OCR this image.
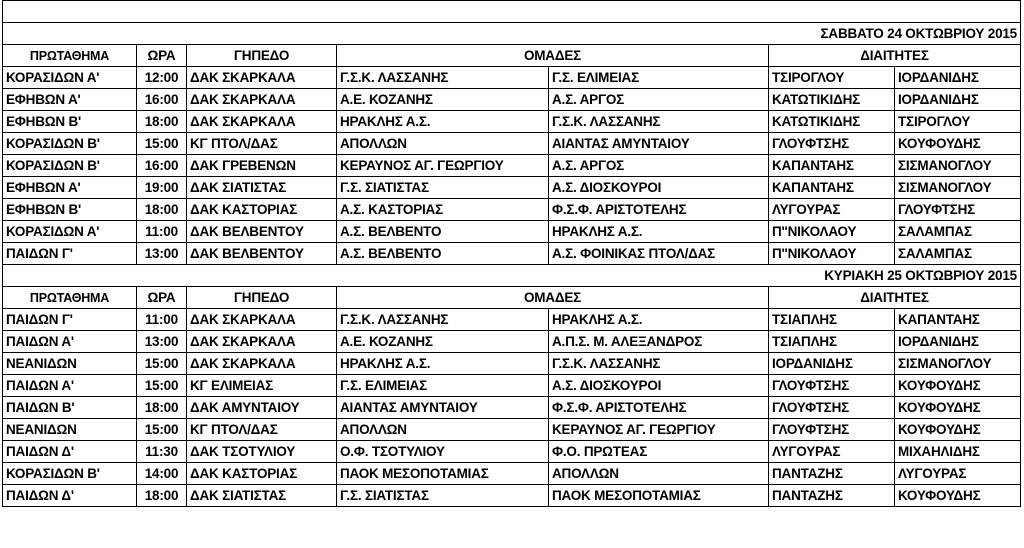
ΣΑΒΒΑΤΟ 24 ΟΚΤΩΒΡΙΟΥ 2015						
ΠΡΩΤΑΘΗΜΑ	ΩΡΑ	ΓΗΠΕΔΟ	ΟΜΑΔΕΣ		ΔΙΑΙΤΗΤΕΣ	
ΚΟΡΑΣΙΔΩΝ Α'	12:00	ΔΑΚ ΣΚΑΡΚΑΛΑ	Γ.Σ.Κ. ΛΑΣΣΑΝΗΣ	Γ.Σ. ΕΛΙΜΕΙΑΣ	ΤΣΙΡΟΓΛΟΥ	ΙΟΡΔΑΝΙΔΗΣ
ΕΦΗΒΩΝ Α'	16:00	ΔΑΚ ΣΚΑΡΚΑΛΑ	Α.Ε. ΚΟΖΑΝΗΣ	Α.Σ. ΑΡΓΟΣ	ΚΑΤΩΤΙΚΙΔΗΣ	ΙΟΡΔΑΝΙΔΗΣ
ΕΦΗΒΩΝ Β'	18:00	ΔΑΚ ΣΚΑΡΚΑΛΑ	ΗΡΑΚΛΗΣ Α.Σ.	Γ.Σ.Κ. ΛΑΣΣΑΝΗΣ	ΚΑΤΩΤΙΚΙΔΗΣ	ΤΣΙΡΟΓΛΟΥ
ΚΟΡΑΣΙΔΩΝ Β'	15:00	ΚΓ ΠΤΟΛ/ΔΑΣ	ΑΠΟΛΛΩΝ	ΑΙΑΝΤΑΣ ΑΜΥΝΤΑΙΟΥ	ΓΛΟΥΦΤΣΗΣ	ΚΟΥΦΟΥΔΗΣ
ΚΟΡΑΣΙΔΩΝ Β'	16:00	ΔΑΚ ΓΡΕΒΕΝΩΝ	ΚΕΡΑΥΝΟΣ ΑΓ. ΓΕΩΡΓΙΟΥ	Α.Σ. ΑΡΓΟΣ	ΚΑΠΑΝΤΑΗΣ	ΣΙΣΜΑΝΟΓΛΟΥ
ΕΦΗΒΩΝ Α'	19:00	ΔΑΚ ΣΙΑΤΙΣΤΑΣ	Γ.Σ. ΣΙΑΤΙΣΤΑΣ	Α.Σ. ΔΙΟΣΚΟΥΡΟΙ	ΚΑΠΑΝΤΑΗΣ	ΣΙΣΜΑΝΟΓΛΟΥ
ΕΦΗΒΩΝ Β'	18:00	ΔΑΚ ΚΑΣΤΟΡΙΑΣ	Α.Σ. ΚΑΣΤΟΡΙΑΣ	Φ.Σ.Φ. ΑΡΙΣΤΟΤΕΛΗΣ	ΛΥΓΟΥΡΑΣ	ΓΛΟΥΦΤΣΗΣ
ΚΟΡΑΣΙΔΩΝ Α'	11:00	ΔΑΚ ΒΕΛΒΕΝΤΟΥ	Α.Σ. ΒΕΛΒΕΝΤΟ	ΗΡΑΚΛΗΣ Α.Σ.	Π''ΝΙΚΟΛΑΟΥ	ΣΑΛΑΜΠΑΣ
ΠΑΙΔΩΝ Γ'	13:00	ΔΑΚ ΒΕΛΒΕΝΤΟΥ	Α.Σ. ΒΕΛΒΕΝΤΟ	Α.Σ. ΦΟΙΝΙΚΑΣ ΠΤΟΛ/ΔΑΣ	Π''ΝΙΚΟΛΑΟΥ	ΣΑΛΑΜΠΑΣ
ΚΥΡΙΑΚΗ 25 ΟΚΤΩΒΡΙΟΥ 2015						
ΠΡΩΤΑΘΗΜΑ	ΩΡΑ	ΓΗΠΕΔΟ	ΟΜΑΔΕΣ		ΔΙΑΙΤΗΤΕΣ	
ΠΑΙΔΩΝ Γ'	11:00	ΔΑΚ ΣΚΑΡΚΑΛΑ	Γ.Σ.Κ. ΛΑΣΣΑΝΗΣ	ΗΡΑΚΛΗΣ Α.Σ.	ΤΣΙΑΠΛΗΣ	ΚΑΠΑΝΤΑΗΣ
ΠΑΙΔΩΝ Α'	13:00	ΔΑΚ ΣΚΑΡΚΑΛΑ	Α.Ε. ΚΟΖΑΝΗΣ	Α.Π.Σ. Μ. ΑΛΕΞΑΝΔΡΟΣ	ΤΣΙΑΠΛΗΣ	ΙΟΡΔΑΝΙΔΗΣ
ΝΕΑΝΙΔΩΝ	15:00	ΔΑΚ ΣΚΑΡΚΑΛΑ	ΗΡΑΚΛΗΣ Α.Σ.	Γ.Σ.Κ. ΛΑΣΣΑΝΗΣ	ΙΟΡΔΑΝΙΔΗΣ	ΣΙΣΜΑΝΟΓΛΟΥ
ΠΑΙΔΩΝ Α'	15:00	ΚΓ ΕΛΙΜΕΙΑΣ	Γ.Σ. ΕΛΙΜΕΙΑΣ	Α.Σ. ΔΙΟΣΚΟΥΡΟΙ	ΓΛΟΥΦΤΣΗΣ	ΚΟΥΦΟΥΔΗΣ
ΠΑΙΔΩΝ Β'	18:00	ΔΑΚ ΑΜΥΝΤΑΙΟΥ	ΑΙΑΝΤΑΣ ΑΜΥΝΤΑΙΟΥ	Φ.Σ.Φ. ΑΡΙΣΤΟΤΕΛΗΣ	ΓΛΟΥΦΤΣΗΣ	ΚΟΥΦΟΥΔΗΣ
ΝΕΑΝΙΔΩΝ	15:00	ΚΓ ΠΤΟΛ/ΔΑΣ	ΑΠΟΛΛΩΝ	ΚΕΡΑΥΝΟΣ ΑΓ. ΓΕΩΡΓΙΟΥ	ΓΛΟΥΦΤΣΗΣ	ΚΟΥΦΟΥΔΗΣ
ΠΑΙΔΩΝ Δ'	11:30	ΔΑΚ ΤΣΟΤΥΛΙΟΥ	Ο.Φ. ΤΣΟΤΥΛΙΟΥ	Φ.Ο. ΠΡΩΤΕΑΣ	ΛΥΓΟΥΡΑΣ	ΜΙΧΑΗΛΙΔΗΣ
ΚΟΡΑΣΙΔΩΝ Β'	14:00	ΔΑΚ ΚΑΣΤΟΡΙΑΣ	ΠΑΟΚ ΜΕΣΟΠΟΤΑΜΙΑΣ	ΑΠΟΛΛΩΝ	ΠΑΝΤΑΖΗΣ	ΛΥΓΟΥΡΑΣ
ΠΑΙΔΩΝ Δ'	18:00	ΔΑΚ ΣΙΑΤΙΣΤΑΣ	Γ.Σ. ΣΙΑΤΙΣΤΑΣ	ΠΑΟΚ ΜΕΣΟΠΟΤΑΜΙΑΣ	ΠΑΝΤΑΖΗΣ	ΚΟΥΦΟΥΔΗΣ
